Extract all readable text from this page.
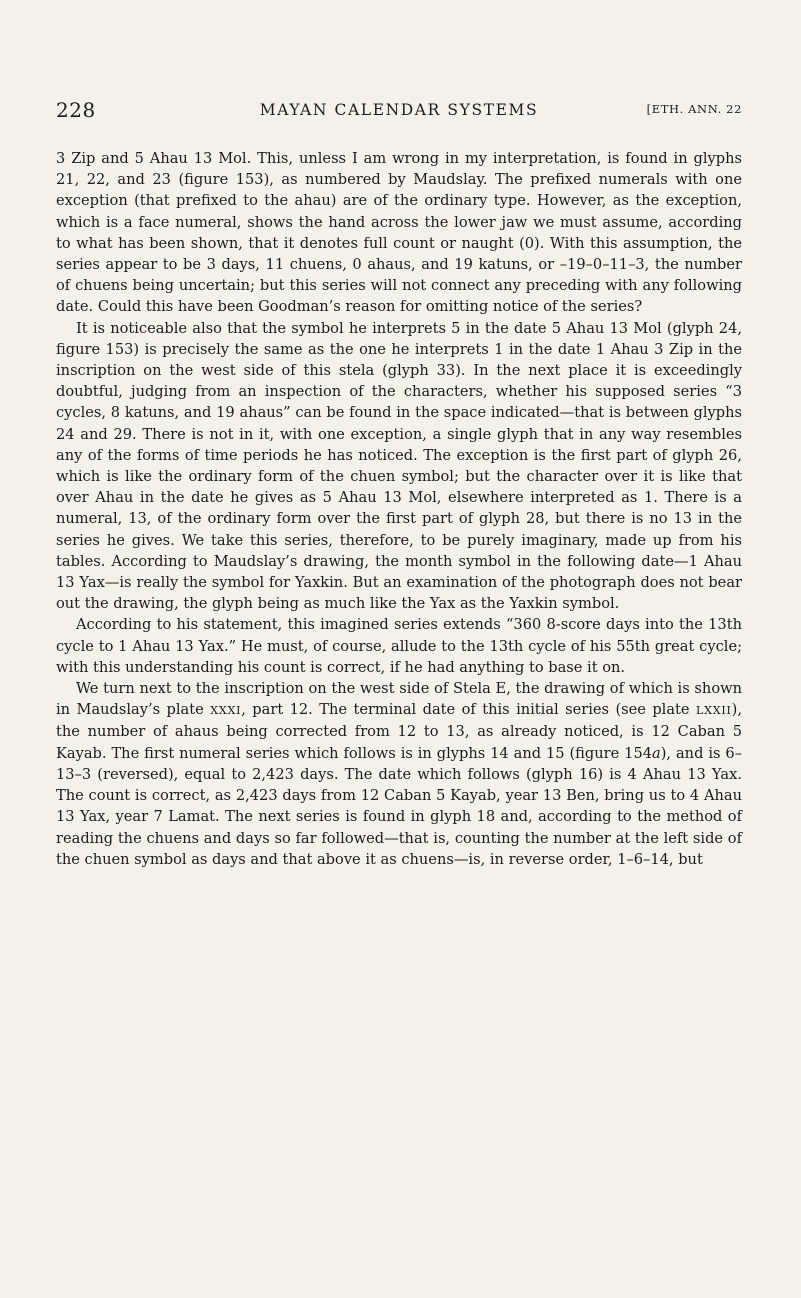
228	MAYAN CALENDAR SYSTEMS	[ETH. ANN. 22

3 Zip and 5 Ahau 13 Mol. This, unless I am wrong in my interpretation, is found in glyphs 21, 22, and 23 (figure 153), as numbered by Maudslay. The prefixed numerals with one exception (that prefixed to the ahau) are of the ordinary type. However, as the exception, which is a face numeral, shows the hand across the lower jaw we must assume, according to what has been shown, that it denotes full count or naught (0). With this assumption, the series appear to be 3 days, 11 chuens, 0 ahaus, and 19 katuns, or –19–0–11–3, the number of chuens being uncertain; but this series will not connect any preceding with any following date. Could this have been Goodman’s reason for omitting notice of the series?

It is noticeable also that the symbol he interprets 5 in the date 5 Ahau 13 Mol (glyph 24, figure 153) is precisely the same as the one he interprets 1 in the date 1 Ahau 3 Zip in the inscription on the west side of this stela (glyph 33). In the next place it is exceedingly doubtful, judging from an inspection of the characters, whether his supposed series “3 cycles, 8 katuns, and 19 ahaus” can be found in the space indicated—that is between glyphs 24 and 29. There is not in it, with one exception, a single glyph that in any way resembles any of the forms of time periods he has noticed. The exception is the first part of glyph 26, which is like the ordinary form of the chuen symbol; but the character over it is like that over Ahau in the date he gives as 5 Ahau 13 Mol, elsewhere interpreted as 1. There is a numeral, 13, of the ordinary form over the first part of glyph 28, but there is no 13 in the series he gives. We take this series, therefore, to be purely imaginary, made up from his tables. According to Maudslay’s drawing, the month symbol in the following date—1 Ahau 13 Yax—is really the symbol for Yaxkin. But an examination of the photograph does not bear out the drawing, the glyph being as much like the Yax as the Yaxkin symbol.

According to his statement, this imagined series extends “360 8-score days into the 13th cycle to 1 Ahau 13 Yax.” He must, of course, allude to the 13th cycle of his 55th great cycle; with this understanding his count is correct, if he had anything to base it on.

We turn next to the inscription on the west side of Stela E, the drawing of which is shown in Maudslay’s plate XXXI, part 12. The terminal date of this initial series (see plate LXXII), the number of ahaus being corrected from 12 to 13, as already noticed, is 12 Caban 5 Kayab. The first numeral series which follows is in glyphs 14 and 15 (figure 154a), and is 6–13–3 (reversed), equal to 2,423 days. The date which follows (glyph 16) is 4 Ahau 13 Yax. The count is correct, as 2,423 days from 12 Caban 5 Kayab, year 13 Ben, bring us to 4 Ahau 13 Yax, year 7 Lamat. The next series is found in glyph 18 and, according to the method of reading the chuens and days so far followed—that is, counting the number at the left side of the chuen symbol as days and that above it as chuens—is, in reverse order, 1–6–14, but
